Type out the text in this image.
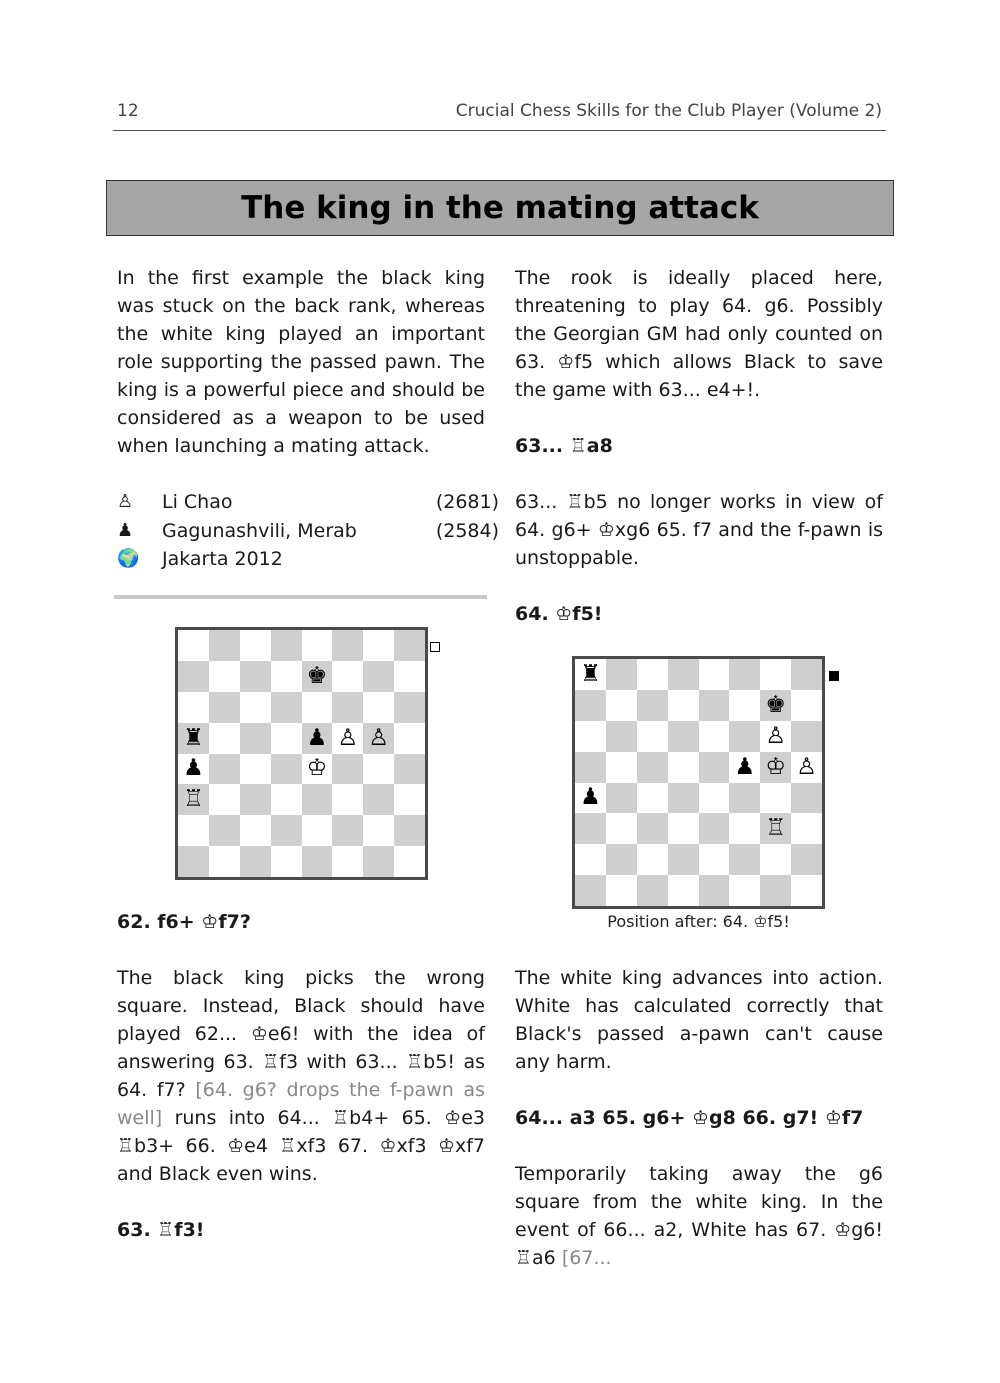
12	Crucial Chess Skills for the Club Player (Volume 2)
The king in the mating attack

In the first example the black king was stuck on the back rank, whereas the white king played an important role supporting the passed pawn. The king is a powerful piece and should be considered as a weapon to be used when launching a mating attack.

♙	Li Chao	(2681)
♟	Gagunashvili, Merab	(2584)
🌍	Jakarta 2012
♚
♜	♟ ♙ ♙
♟	♔
♖

62. f6+ ♔f7?

The black king picks the wrong square. Instead, Black should have played 62... ♔e6! with the idea of answering 63. ♖f3 with 63... ♖b5! as 64. f7? [64. g6? drops the f-pawn as well] runs into 64... ♖b4+ 65. ♔e3 ♖b3+ 66. ♔e4 ♖xf3 67. ♔xf3 ♔xf7 and Black even wins.

63. ♖f3!

The rook is ideally placed here, threatening to play 64. g6. Possibly the Georgian GM had only counted on 63. ♔f5 which allows Black to save the game with 63... e4+!.

63... ♖a8

63... ♖b5 no longer works in view of 64. g6+ ♔xg6 65. f7 and the f-pawn is unstoppable.

64. ♔f5!

♜
♚
♙
♟ ♔ ♙
♟
♖
Position after: 64. ♔f5!

The white king advances into action. White has calculated correctly that Black's passed a-pawn can't cause any harm.

64... a3 65. g6+ ♔g8 66. g7! ♔f7

Temporarily taking away the g6 square from the white king. In the event of 66... a2, White has 67. ♔g6! ♖a6 [67...
